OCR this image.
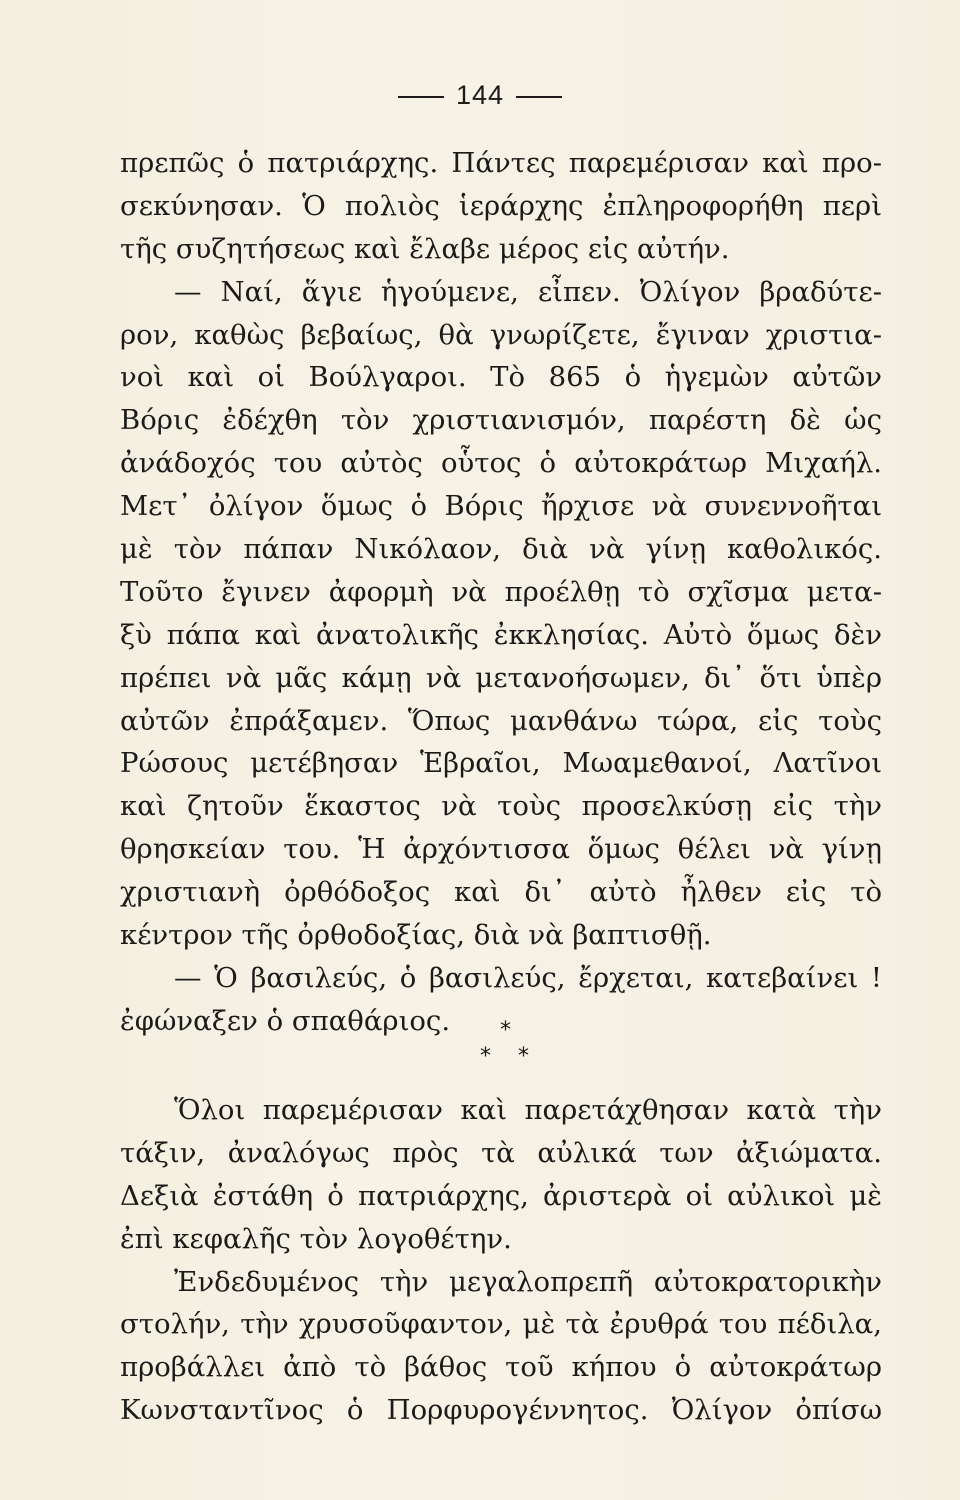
144
πρεπῶς ὁ πατριάρχης. Πάντες παρεμέρισαν καὶ προ-
σεκύνησαν. Ὁ πολιὸς ἱεράρχης ἐπληροφορήθη περὶ
τῆς συζητήσεως καὶ ἔλαβε μέρος εἰς αὐτήν.
— Ναί, ἅγιε ἡγούμενε, εἶπεν. Ὀλίγον βραδύτε-
ρον, καθὼς βεβαίως, θὰ γνωρίζετε, ἔγιναν χριστια-
νοὶ καὶ οἱ Βούλγαροι. Τὸ 865 ὁ ἡγεμὼν αὐτῶν
Βόρις ἐδέχθη τὸν χριστιανισμόν, παρέστη δὲ ὡς
ἀνάδοχός του αὐτὸς οὗτος ὁ αὐτοκράτωρ Μιχαήλ.
Μετ᾽ ὀλίγον ὅμως ὁ Βόρις ἤρχισε νὰ συνεννοῆται
μὲ τὸν πάπαν Νικόλαον, διὰ νὰ γίνῃ καθολικός.
Τοῦτο ἔγινεν ἀφορμὴ νὰ προέλθῃ τὸ σχῖσμα μετα-
ξὺ πάπα καὶ ἀνατολικῆς ἐκκλησίας. Αὐτὸ ὅμως δὲν
πρέπει νὰ μᾶς κάμῃ νὰ μετανοήσωμεν, δι᾽ ὅτι ὑπὲρ
αὐτῶν ἐπράξαμεν. Ὅπως μανθάνω τώρα, εἰς τοὺς
Ρώσους μετέβησαν Ἑβραῖοι, Μωαμεθανοί, Λατῖνοι
καὶ ζητοῦν ἕκαστος νὰ τοὺς προσελκύσῃ εἰς τὴν
θρησκείαν του. Ἡ ἀρχόντισσα ὅμως θέλει νὰ γίνῃ
χριστιανὴ ὀρθόδοξος καὶ δι᾽ αὐτὸ ἦλθεν εἰς τὸ
κέντρον τῆς ὀρθοδοξίας, διὰ νὰ βαπτισθῇ.
— Ὁ βασιλεύς, ὁ βασιλεύς, ἔρχεται, κατεβαίνει !
ἐφώναξεν ὁ σπαθάριος.	*
* *
Ὅλοι παρεμέρισαν καὶ παρετάχθησαν κατὰ τὴν
τάξιν, ἀναλόγως πρὸς τὰ αὐλικά των ἀξιώματα.
Δεξιὰ ἐστάθη ὁ πατριάρχης, ἀριστερὰ οἱ αὐλικοὶ μὲ
ἐπὶ κεφαλῆς τὸν λογοθέτην.
Ἐνδεδυμένος τὴν μεγαλοπρεπῆ αὐτοκρατορικὴν
στολήν, τὴν χρυσοῦφαντον, μὲ τὰ ἐρυθρά του πέδιλα,
προβάλλει ἀπὸ τὸ βάθος τοῦ κήπου ὁ αὐτοκράτωρ
Κωνσταντῖνος ὁ Πορφυρογέννητος. Ὀλίγον ὀπίσω
